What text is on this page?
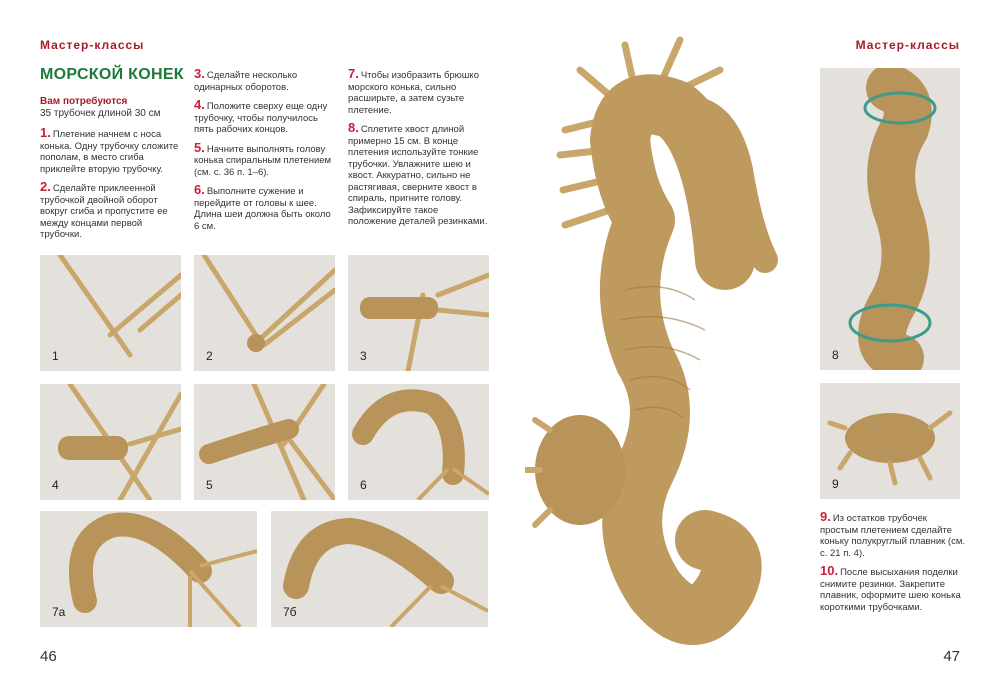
Мастер-классы
МОРСКОЙ КОНЕК
Вам потребуются
35 трубочек длиной 30 см
1. Плетение начнем с носа конька. Одну трубочку сложите пополам, в место сгиба приклейте вторую трубочку.
2. Сделайте приклеенной трубочкой двойной оборот вокруг сгиба и пропустите ее между концами первой трубочки.
3. Сделайте несколько одинарных оборотов.
4. Положите сверху еще одну трубочку, чтобы получилось пять рабочих концов.
5. Начните выполнять голову конька спиральным плетением (см. с. 36 п. 1–6).
6. Выполните сужение и перейдите от головы к шее. Длина шеи должна быть около 6 см.
7. Чтобы изобразить брюшко морского конька, сильно расширьте, а затем сузьте плетение.
8. Сплетите хвост длиной примерно 15 см. В конце плетения используйте тонкие трубочки. Увлажните шею и хвост. Аккуратно, сильно не растягивая, сверните хвост в спираль, пригните голову. Зафиксируйте такое положение деталей резинками.
1	2	3
4	5	6
7а	7б
46
Мастер-классы
8
9
9. Из остатков трубочек простым плетением сделайте коньку полукруглый плавник (см. с. 21 п. 4).
10. После высыхания поделки снимите резинки. Закрепите плавник, оформите шею конька короткими трубочками.
47
